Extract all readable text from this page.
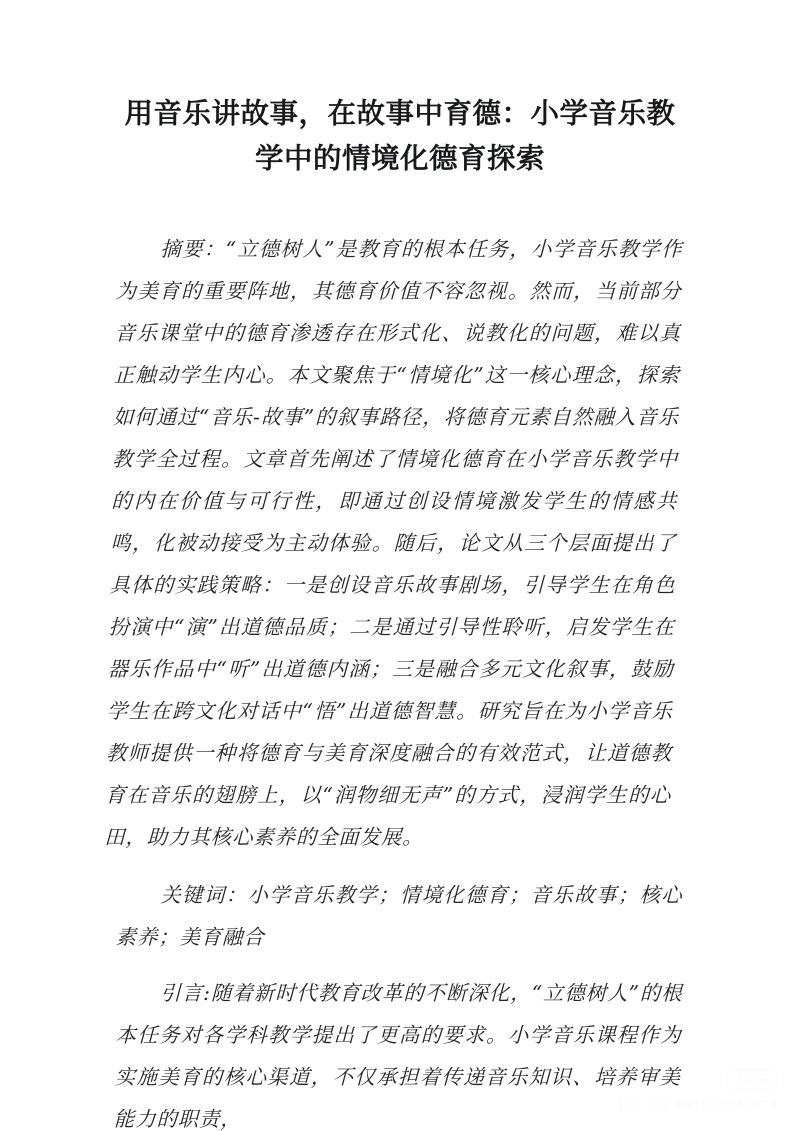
用音乐讲故事，在故事中育德：小学音乐教学中的情境化德育探索

摘要：“立德树人”是教育的根本任务，小学音乐教学作为美育的重要阵地，其德育价值不容忽视。然而，当前部分音乐课堂中的德育渗透存在形式化、说教化的问题，难以真正触动学生内心。本文聚焦于“情境化”这一核心理念，探索如何通过“音乐-故事”的叙事路径，将德育元素自然融入音乐教学全过程。文章首先阐述了情境化德育在小学音乐教学中的内在价值与可行性，即通过创设情境激发学生的情感共鸣，化被动接受为主动体验。随后，论文从三个层面提出了具体的实践策略：一是创设音乐故事剧场，引导学生在角色扮演中“演”出道德品质；二是通过引导性聆听，启发学生在器乐作品中“听”出道德内涵；三是融合多元文化叙事，鼓励学生在跨文化对话中“悟”出道德智慧。研究旨在为小学音乐教师提供一种将德育与美育深度融合的有效范式，让道德教育在音乐的翅膀上，以“润物细无声”的方式，浸润学生的心田，助力其核心素养的全面发展。

关键词：小学音乐教学；情境化德育；音乐故事；核心素养；美育融合

引言:随着新时代教育改革的不断深化，“立德树人”的根本任务对各学科教学提出了更高的要求。小学音乐课程作为实施美育的核心渠道，不仅承担着传递音乐知识、培养审美能力的职责，

小红书
小红书号 8913617480?4
